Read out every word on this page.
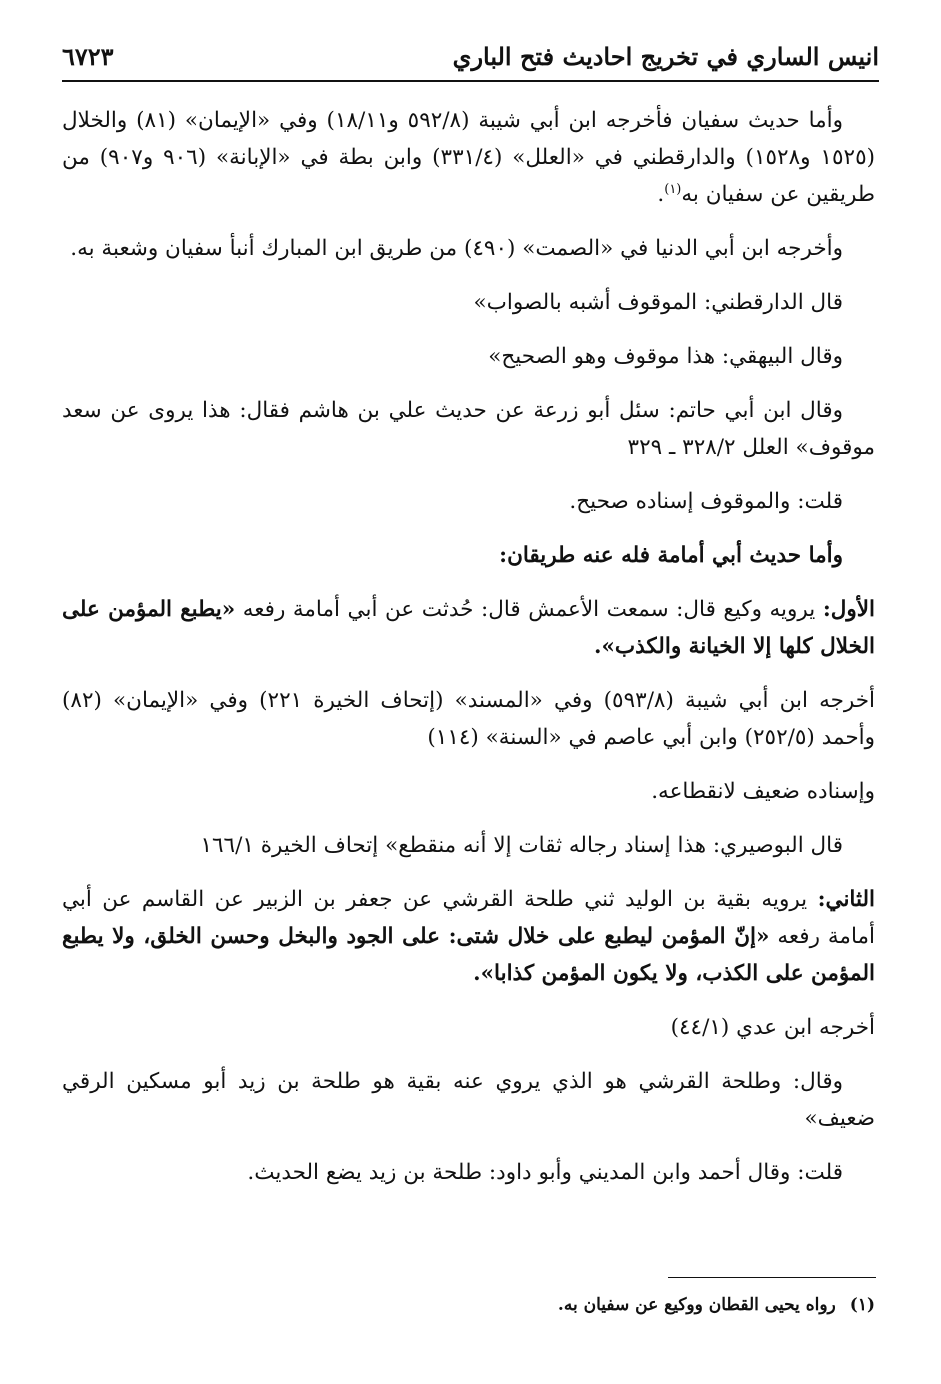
انيس الساري في تخريج احاديث فتح الباري
٦٧٢٣

وأما حديث سفيان فأخرجه ابن أبي شيبة (٥٩٢/٨ و١٨/١١) وفي «الإيمان» (٨١) والخلال (١٥٢٥ و١٥٢٨) والدارقطني في «العلل» (٣٣١/٤) وابن بطة في «الإبانة» (٩٠٦ و٩٠٧) من طريقين عن سفيان به$^{(١)}$.

وأخرجه ابن أبي الدنيا في «الصمت» (٤٩٠) من طريق ابن المبارك أنبأ سفيان وشعبة به.

قال الدارقطني: الموقوف أشبه بالصواب»

وقال البيهقي: هذا موقوف وهو الصحيح»

وقال ابن أبي حاتم: سئل أبو زرعة عن حديث علي بن هاشم فقال: هذا يروى عن سعد موقوف» العلل ٣٢٨/٢ ـ ٣٢٩

قلت: والموقوف إسناده صحيح.

وأما حديث أبي أمامة فله عنه طريقان:

الأول: يرويه وكيع قال: سمعت الأعمش قال: حُدثت عن أبي أمامة رفعه «يطبع المؤمن على الخلال كلها إلا الخيانة والكذب».

أخرجه ابن أبي شيبة (٥٩٣/٨) وفي «المسند» (إتحاف الخيرة ٢٢١) وفي «الإيمان» (٨٢) وأحمد (٢٥٢/٥) وابن أبي عاصم في «السنة» (١١٤)

وإسناده ضعيف لانقطاعه.

قال البوصيري: هذا إسناد رجاله ثقات إلا أنه منقطع» إتحاف الخيرة ١٦٦/١

الثاني: يرويه بقية بن الوليد ثني طلحة القرشي عن جعفر بن الزبير عن القاسم عن أبي أمامة رفعه «إنّ المؤمن ليطبع على خلال شتى: على الجود والبخل وحسن الخلق، ولا يطبع المؤمن على الكذب، ولا يكون المؤمن كذابا».

أخرجه ابن عدي (٤٤/١)

وقال: وطلحة القرشي هو الذي يروي عنه بقية هو طلحة بن زيد أبو مسكين الرقي ضعيف»

قلت: وقال أحمد وابن المديني وأبو داود: طلحة بن زيد يضع الحديث.

(١)رواه يحيى القطان ووكيع عن سفيان به.
